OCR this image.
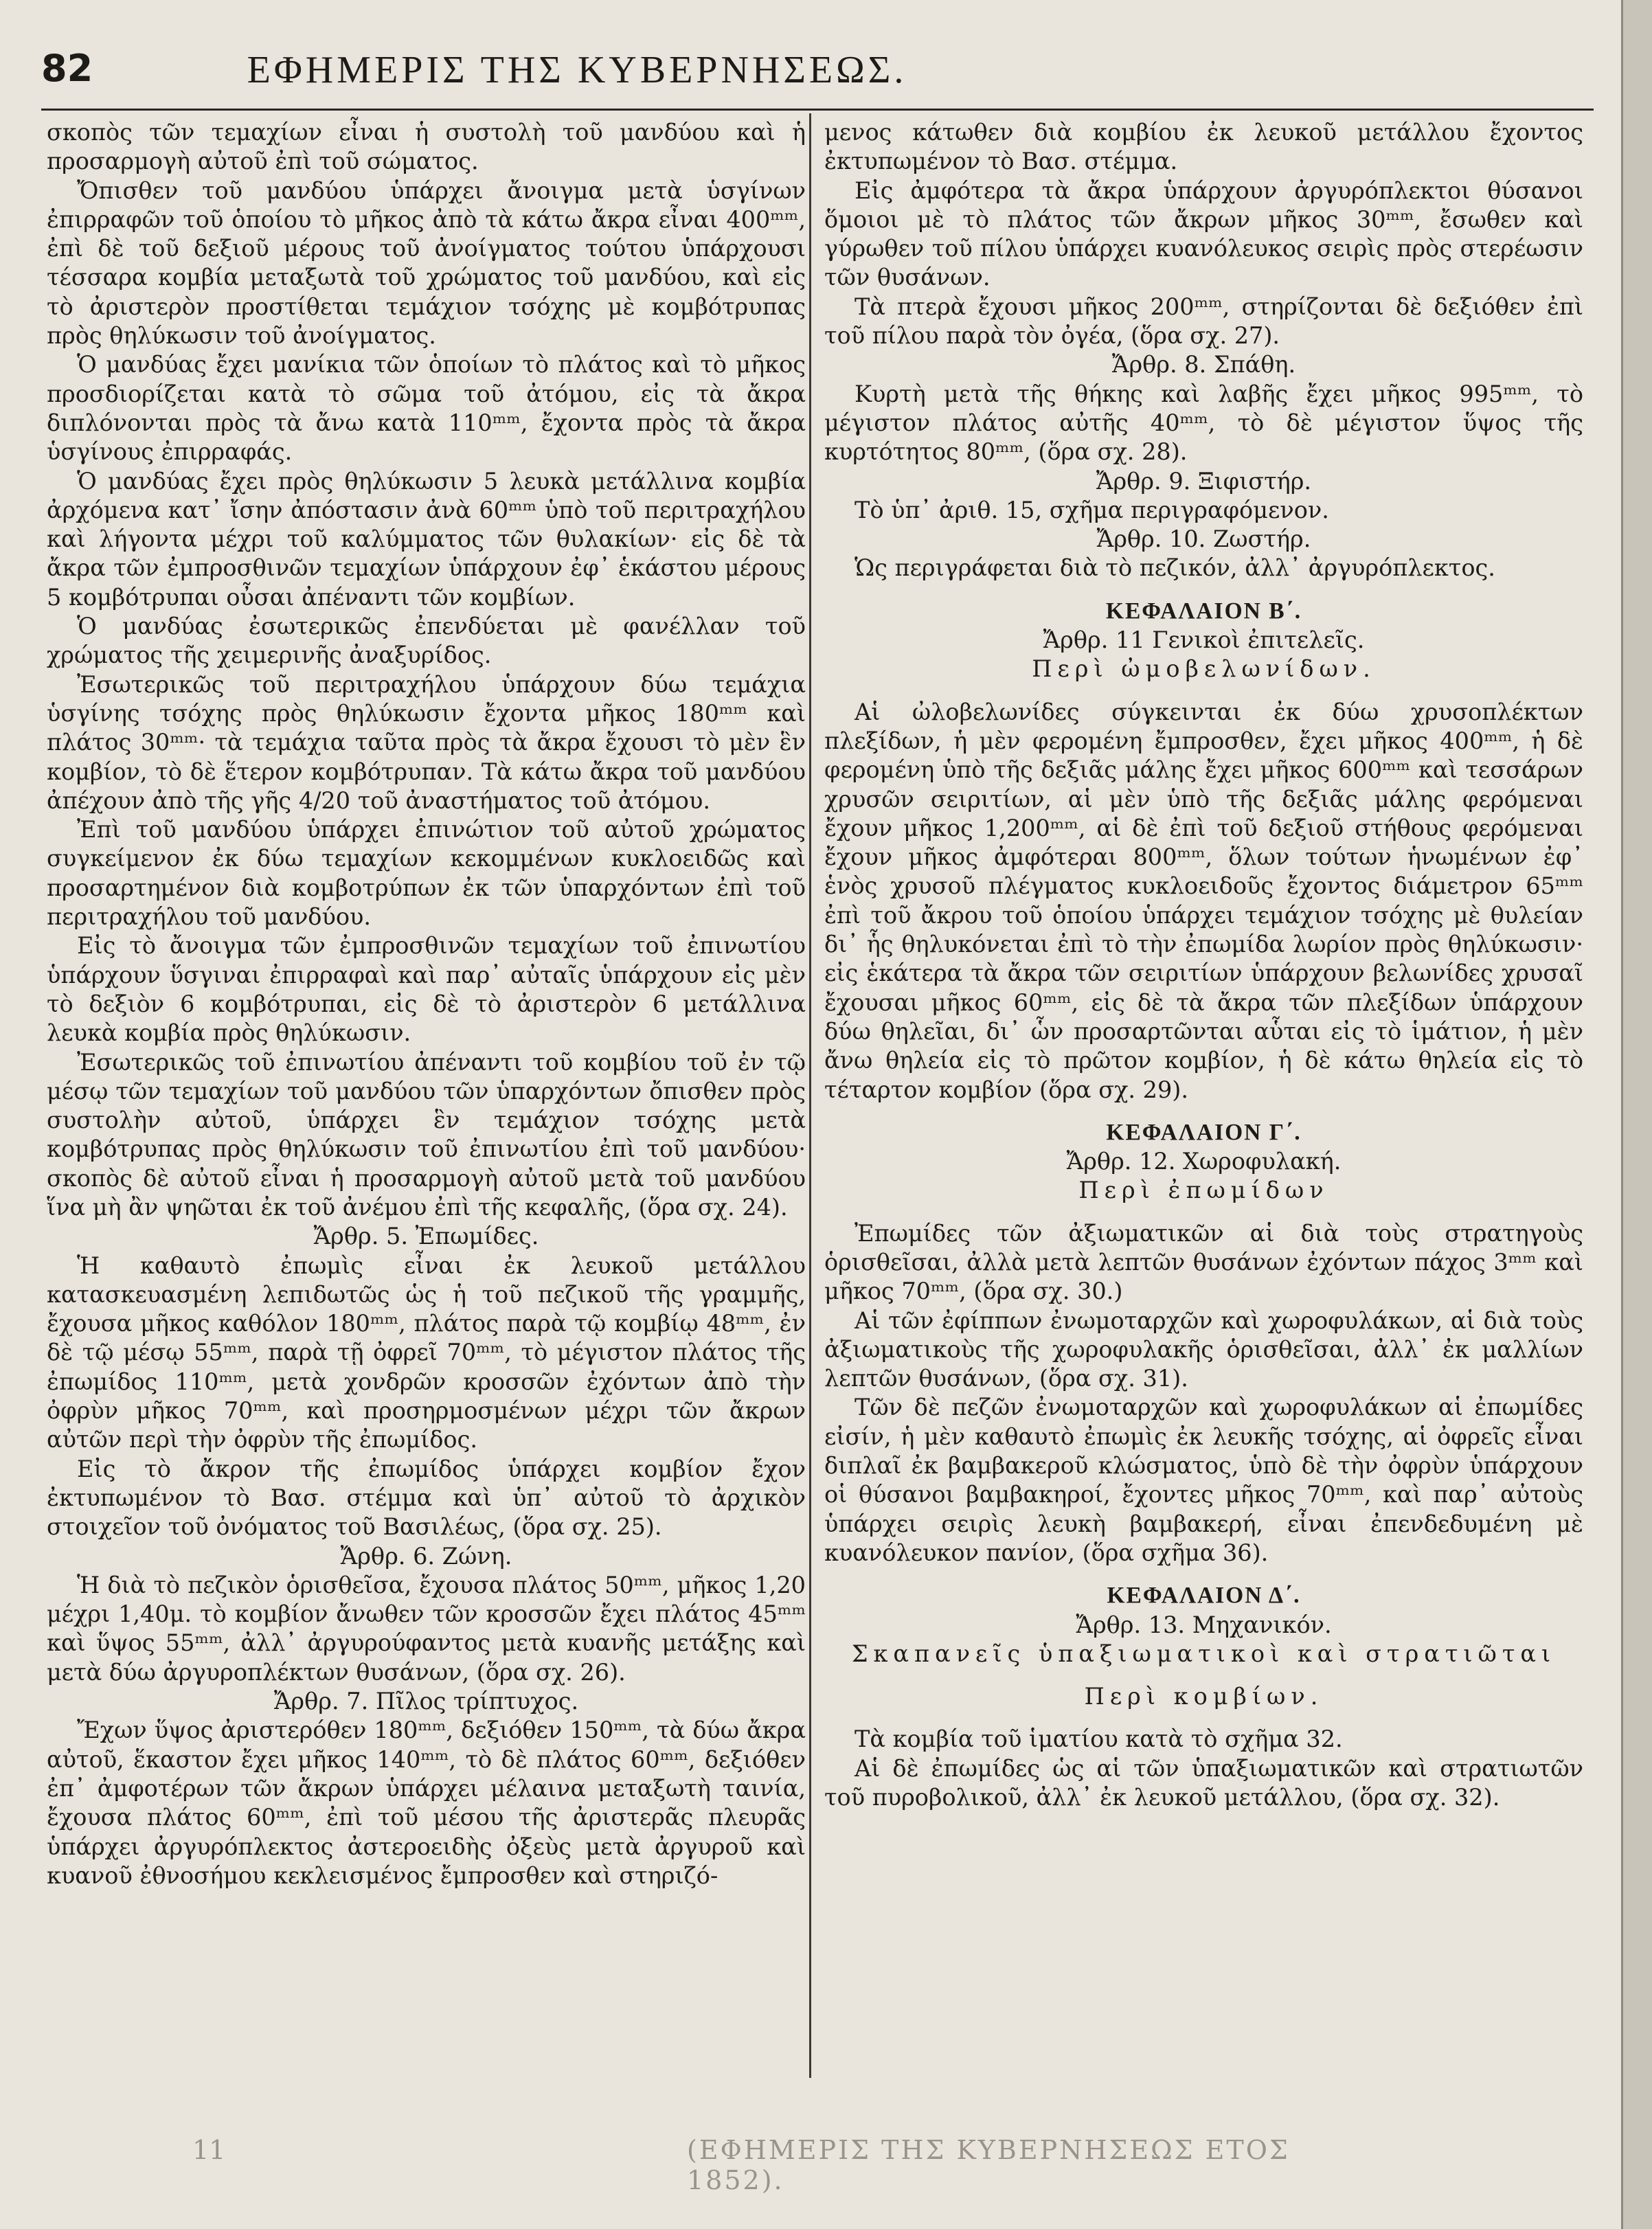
82	ΕΦΗΜΕΡΙΣ ΤΗΣ ΚΥΒΕΡΝΗΣΕΩΣ.

σκοπὸς τῶν τεμαχίων εἶναι ἡ συστολὴ τοῦ μανδύου καὶ ἡ προσαρμογὴ αὐτοῦ ἐπὶ τοῦ σώματος.

Ὄπισθεν τοῦ μανδύου ὑπάρχει ἄνοιγμα μετὰ ὑσγίνων ἐπιρραφῶν τοῦ ὁποίου τὸ μῆκος ἀπὸ τὰ κάτω ἄκρα εἶναι 400ᵐᵐ, ἐπὶ δὲ τοῦ δεξιοῦ μέρους τοῦ ἀνοίγματος τούτου ὑπάρχουσι τέσσαρα κομβία μεταξωτὰ τοῦ χρώματος τοῦ μανδύου, καὶ εἰς τὸ ἀριστερὸν προστίθεται τεμάχιον τσόχης μὲ κομβότρυπας πρὸς θηλύκωσιν τοῦ ἀνοίγματος.

Ὁ μανδύας ἔχει μανίκια τῶν ὁποίων τὸ πλάτος καὶ τὸ μῆκος προσδιορίζεται κατὰ τὸ σῶμα τοῦ ἀτόμου, εἰς τὰ ἄκρα διπλόνονται πρὸς τὰ ἄνω κατὰ 110ᵐᵐ, ἔχοντα πρὸς τὰ ἄκρα ὑσγίνους ἐπιρραφάς.

Ὁ μανδύας ἔχει πρὸς θηλύκωσιν 5 λευκὰ μετάλλινα κομβία ἀρχόμενα κατ᾿ ἴσην ἀπόστασιν ἀνὰ 60ᵐᵐ ὑπὸ τοῦ περιτραχήλου καὶ λήγοντα μέχρι τοῦ καλύμματος τῶν θυλακίων· εἰς δὲ τὰ ἄκρα τῶν ἐμπροσθινῶν τεμαχίων ὑπάρχουν ἐφ᾿ ἑκάστου μέρους 5 κομβότρυπαι οὖσαι ἀπέναντι τῶν κομβίων.

Ὁ μανδύας ἐσωτερικῶς ἐπενδύεται μὲ φανέλλαν τοῦ χρώματος τῆς χειμερινῆς ἀναξυρίδος.

Ἐσωτερικῶς τοῦ περιτραχήλου ὑπάρχουν δύω τεμάχια ὑσγίνης τσόχης πρὸς θηλύκωσιν ἔχοντα μῆκος 180ᵐᵐ καὶ πλάτος 30ᵐᵐ· τὰ τεμάχια ταῦτα πρὸς τὰ ἄκρα ἔχουσι τὸ μὲν ἓν κομβίον, τὸ δὲ ἕτερον κομβότρυπαν. Τὰ κάτω ἄκρα τοῦ μανδύου ἀπέχουν ἀπὸ τῆς γῆς 4/20 τοῦ ἀναστήματος τοῦ ἀτόμου.

Ἐπὶ τοῦ μανδύου ὑπάρχει ἐπινώτιον τοῦ αὐτοῦ χρώματος συγκείμενον ἐκ δύω τεμαχίων κεκομμένων κυκλοειδῶς καὶ προσαρτημένον διὰ κομβοτρύπων ἐκ τῶν ὑπαρχόντων ἐπὶ τοῦ περιτραχήλου τοῦ μανδύου.

Εἰς τὸ ἄνοιγμα τῶν ἐμπροσθινῶν τεμαχίων τοῦ ἐπινωτίου ὑπάρχουν ὕσγιναι ἐπιρραφαὶ καὶ παρ᾿ αὐταῖς ὑπάρχουν εἰς μὲν τὸ δεξιὸν 6 κομβότρυπαι, εἰς δὲ τὸ ἀριστερὸν 6 μετάλλινα λευκὰ κομβία πρὸς θηλύκωσιν.

Ἐσωτερικῶς τοῦ ἐπινωτίου ἀπέναντι τοῦ κομβίου τοῦ ἐν τῷ μέσῳ τῶν τεμαχίων τοῦ μανδύου τῶν ὑπαρχόντων ὄπισθεν πρὸς συστολὴν αὐτοῦ, ὑπάρχει ἓν τεμάχιον τσόχης μετὰ κομβότρυπας πρὸς θηλύκωσιν τοῦ ἐπινωτίου ἐπὶ τοῦ μανδύου· σκοπὸς δὲ αὐτοῦ εἶναι ἡ προσαρμογὴ αὐτοῦ μετὰ τοῦ μανδύου ἵνα μὴ ἂν ψηῶται ἐκ τοῦ ἀνέμου ἐπὶ τῆς κεφαλῆς, (ὅρα σχ. 24).

Ἄρθρ. 5. Ἐπωμίδες.

Ἡ καθαυτὸ ἐπωμὶς εἶναι ἐκ λευκοῦ μετάλλου κατασκευασμένη λεπιδωτῶς ὡς ἡ τοῦ πεζικοῦ τῆς γραμμῆς, ἔχουσα μῆκος καθόλον 180ᵐᵐ, πλάτος παρὰ τῷ κομβίῳ 48ᵐᵐ, ἐν δὲ τῷ μέσῳ 55ᵐᵐ, παρὰ τῇ ὀφρεῖ 70ᵐᵐ, τὸ μέγιστον πλάτος τῆς ἐπωμίδος 110ᵐᵐ, μετὰ χονδρῶν κροσσῶν ἐχόντων ἀπὸ τὴν ὀφρὺν μῆκος 70ᵐᵐ, καὶ προσηρμοσμένων μέχρι τῶν ἄκρων αὐτῶν περὶ τὴν ὀφρὺν τῆς ἐπωμίδος.

Εἰς τὸ ἄκρον τῆς ἐπωμίδος ὑπάρχει κομβίον ἔχον ἐκτυπωμένον τὸ Βασ. στέμμα καὶ ὑπ᾿ αὐτοῦ τὸ ἀρχικὸν στοιχεῖον τοῦ ὀνόματος τοῦ Βασιλέως, (ὅρα σχ. 25).

Ἄρθρ. 6. Ζώνη.

Ἡ διὰ τὸ πεζικὸν ὁρισθεῖσα, ἔχουσα πλάτος 50ᵐᵐ, μῆκος 1,20 μέχρι 1,40μ. τὸ κομβίον ἄνωθεν τῶν κροσσῶν ἔχει πλάτος 45ᵐᵐ καὶ ὕψος 55ᵐᵐ, ἀλλ᾿ ἀργυρούφαντος μετὰ κυανῆς μετάξης καὶ μετὰ δύω ἀργυροπλέκτων θυσάνων, (ὅρα σχ. 26).

Ἄρθρ. 7. Πῖλος τρίπτυχος.

Ἔχων ὕψος ἀριστερόθεν 180ᵐᵐ, δεξιόθεν 150ᵐᵐ, τὰ δύω ἄκρα αὐτοῦ, ἕκαστον ἔχει μῆκος 140ᵐᵐ, τὸ δὲ πλάτος 60ᵐᵐ, δεξιόθεν ἐπ᾿ ἀμφοτέρων τῶν ἄκρων ὑπάρχει μέλαινα μεταξωτὴ ταινία, ἔχουσα πλάτος 60ᵐᵐ, ἐπὶ τοῦ μέσου τῆς ἀριστερᾶς πλευρᾶς ὑπάρχει ἀργυρόπλεκτος ἀστεροειδὴς ὀξεὺς μετὰ ἀργυροῦ καὶ κυανοῦ ἐθνοσήμου κεκλεισμένος ἔμπροσθεν καὶ στηριζό-

μενος κάτωθεν διὰ κομβίου ἐκ λευκοῦ μετάλλου ἔχοντος ἐκτυπωμένον τὸ Βασ. στέμμα.

Εἰς ἀμφότερα τὰ ἄκρα ὑπάρχουν ἀργυρόπλεκτοι θύσανοι ὅμοιοι μὲ τὸ πλάτος τῶν ἄκρων μῆκος 30ᵐᵐ, ἔσωθεν καὶ γύρωθεν τοῦ πίλου ὑπάρχει κυανόλευκος σειρὶς πρὸς στερέωσιν τῶν θυσάνων.

Τὰ πτερὰ ἔχουσι μῆκος 200ᵐᵐ, στηρίζονται δὲ δεξιόθεν ἐπὶ τοῦ πίλου παρὰ τὸν ὀγέα, (ὅρα σχ. 27).

Ἄρθρ. 8. Σπάθη.

Κυρτὴ μετὰ τῆς θήκης καὶ λαβῆς ἔχει μῆκος 995ᵐᵐ, τὸ μέγιστον πλάτος αὐτῆς 40ᵐᵐ, τὸ δὲ μέγιστον ὕψος τῆς κυρτότητος 80ᵐᵐ, (ὅρα σχ. 28).

Ἄρθρ. 9. Ξιφιστήρ.

Τὸ ὑπ᾿ ἀριθ. 15, σχῆμα περιγραφόμενον.

Ἄρθρ. 10. Ζωστήρ.

Ὡς περιγράφεται διὰ τὸ πεζικόν, ἀλλ᾿ ἀργυρόπλεκτος.

ΚΕΦΑΛΑΙΟΝ Β΄.

Ἄρθρ. 11 Γενικοὶ ἐπιτελεῖς.

Περὶ ὠμοβελωνίδων.

Αἱ ὠλοβελωνίδες σύγκεινται ἐκ δύω χρυσοπλέκτων πλεξίδων, ἡ μὲν φερομένη ἔμπροσθεν, ἔχει μῆκος 400ᵐᵐ, ἡ δὲ φερομένη ὑπὸ τῆς δεξιᾶς μάλης ἔχει μῆκος 600ᵐᵐ καὶ τεσσάρων χρυσῶν σειριτίων, αἱ μὲν ὑπὸ τῆς δεξιᾶς μάλης φερόμεναι ἔχουν μῆκος 1,200ᵐᵐ, αἱ δὲ ἐπὶ τοῦ δεξιοῦ στήθους φερόμεναι ἔχουν μῆκος ἀμφότεραι 800ᵐᵐ, ὅλων τούτων ἡνωμένων ἐφ᾿ ἑνὸς χρυσοῦ πλέγματος κυκλοειδοῦς ἔχοντος διάμετρον 65ᵐᵐ ἐπὶ τοῦ ἄκρου τοῦ ὁποίου ὑπάρχει τεμάχιον τσόχης μὲ θυλείαν δι᾿ ἧς θηλυκόνεται ἐπὶ τὸ τὴν ἐπωμίδα λωρίον πρὸς θηλύκωσιν· εἰς ἑκάτερα τὰ ἄκρα τῶν σειριτίων ὑπάρχουν βελωνίδες χρυσαῖ ἔχουσαι μῆκος 60ᵐᵐ, εἰς δὲ τὰ ἄκρα τῶν πλεξίδων ὑπάρχουν δύω θηλεῖαι, δι᾿ ὧν προσαρτῶνται αὗται εἰς τὸ ἱμάτιον, ἡ μὲν ἄνω θηλεία εἰς τὸ πρῶτον κομβίον, ἡ δὲ κάτω θηλεία εἰς τὸ τέταρτον κομβίον (ὅρα σχ. 29).

ΚΕΦΑΛΑΙΟΝ Γ΄.

Ἄρθρ. 12. Χωροφυλακή.

Περὶ ἐπωμίδων

Ἐπωμίδες τῶν ἀξιωματικῶν αἱ διὰ τοὺς στρατηγοὺς ὁρισθεῖσαι, ἀλλὰ μετὰ λεπτῶν θυσάνων ἐχόντων πάχος 3ᵐᵐ καὶ μῆκος 70ᵐᵐ, (ὅρα σχ. 30.)

Αἱ τῶν ἐφίππων ἐνωμοταρχῶν καὶ χωροφυλάκων, αἱ διὰ τοὺς ἀξιωματικοὺς τῆς χωροφυλακῆς ὁρισθεῖσαι, ἀλλ᾿ ἐκ μαλλίων λεπτῶν θυσάνων, (ὅρα σχ. 31).

Τῶν δὲ πεζῶν ἐνωμοταρχῶν καὶ χωροφυλάκων αἱ ἐπωμίδες εἰσίν, ἡ μὲν καθαυτὸ ἐπωμὶς ἐκ λευκῆς τσόχης, αἱ ὀφρεῖς εἶναι διπλαῖ ἐκ βαμβακεροῦ κλώσματος, ὑπὸ δὲ τὴν ὀφρὺν ὑπάρχουν οἱ θύσανοι βαμβακηροί, ἔχοντες μῆκος 70ᵐᵐ, καὶ παρ᾿ αὐτοὺς ὑπάρχει σειρὶς λευκὴ βαμβακερή, εἶναι ἐπενδεδυμένη μὲ κυανόλευκον πανίον, (ὅρα σχῆμα 36).

ΚΕΦΑΛΑΙΟΝ Δ΄.

Ἄρθρ. 13. Μηχανικόν.

Σκαπανεῖς ὑπαξιωματικοὶ καὶ στρατιῶται

Περὶ κομβίων.

Τὰ κομβία τοῦ ἱματίου κατὰ τὸ σχῆμα 32.

Αἱ δὲ ἐπωμίδες ὡς αἱ τῶν ὑπαξιωματικῶν καὶ στρατιωτῶν τοῦ πυροβολικοῦ, ἀλλ᾿ ἐκ λευκοῦ μετάλλου, (ὅρα σχ. 32).

11	(ΕΦΗΜΕΡΙΣ ΤΗΣ ΚΥΒΕΡΝΗΣΕΩΣ ΕΤΟΣ 1852).
